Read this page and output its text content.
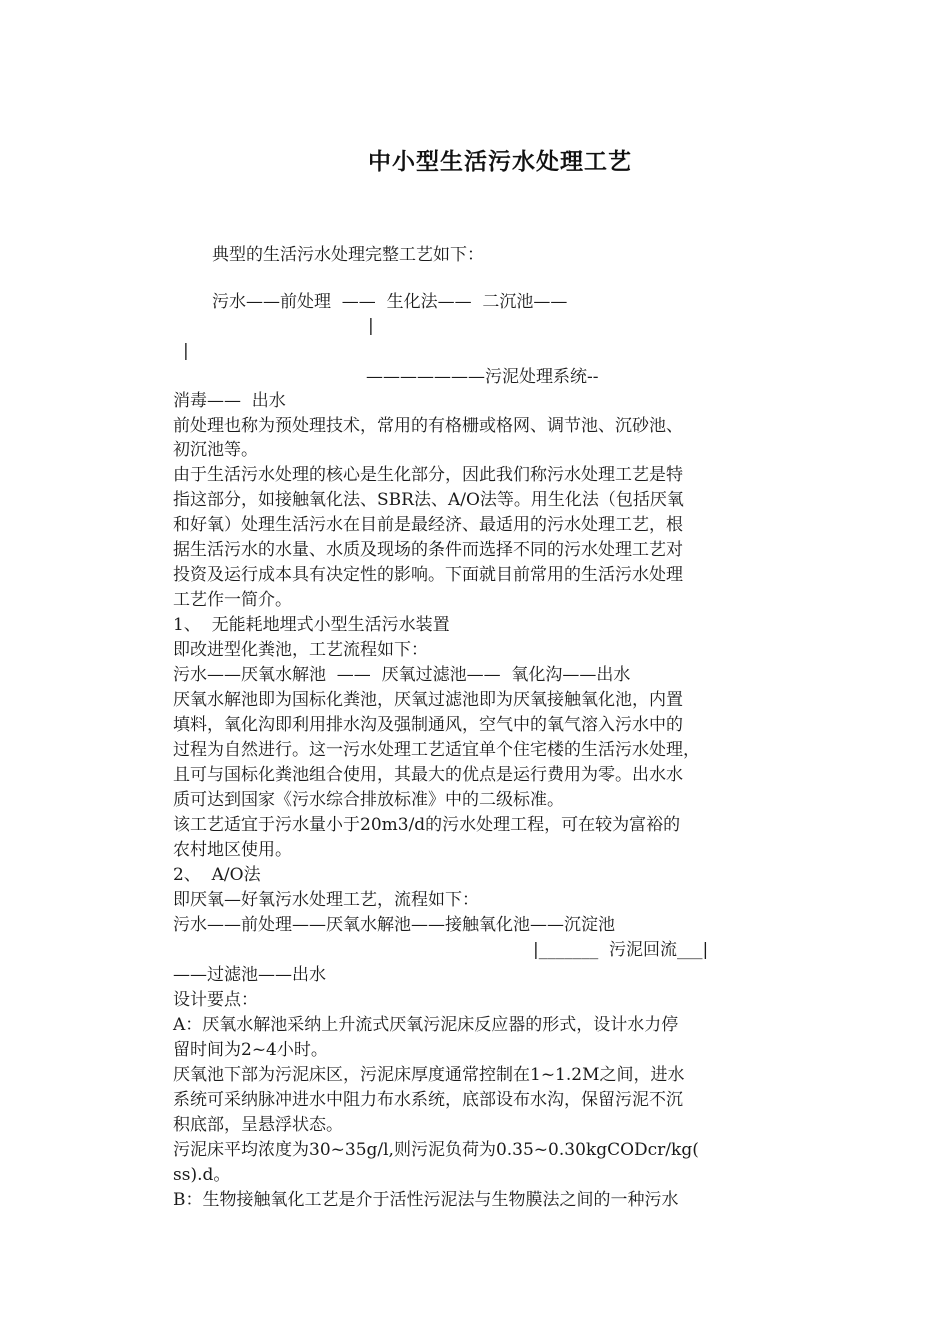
中小型生活污水处理工艺
典型的生活污水处理完整工艺如下：
污水——前处理  ——  生化法——  二沉池——
|
|
———————污泥处理系统--
消毒——  出水
前处理也称为预处理技术，常用的有格栅或格网、调节池、沉砂池、
初沉池等。
由于生活污水处理的核心是生化部分，因此我们称污水处理工艺是特
指这部分，如接触氧化法、SBR法、A/O法等。用生化法（包括厌氧
和好氧）处理生活污水在目前是最经济、最适用的污水处理工艺，根
据生活污水的水量、水质及现场的条件而选择不同的污水处理工艺对
投资及运行成本具有决定性的影响。下面就目前常用的生活污水处理
工艺作一简介。
1、  无能耗地埋式小型生活污水装置
即改进型化粪池，工艺流程如下：
污水——厌氧水解池  ——  厌氧过滤池——  氧化沟——出水
厌氧水解池即为国标化粪池，厌氧过滤池即为厌氧接触氧化池，内置
填料，氧化沟即利用排水沟及强制通风，空气中的氧气溶入污水中的
过程为自然进行。这一污水处理工艺适宜单个住宅楼的生活污水处理，
且可与国标化粪池组合使用，其最大的优点是运行费用为零。出水水
质可达到国家《污水综合排放标准》中的二级标准。
该工艺适宜于污水量小于20m3/d的污水处理工程，可在较为富裕的
农村地区使用。
2、  A/O法
即厌氧—好氧污水处理工艺，流程如下：
污水——前处理——厌氧水解池——接触氧化池——沉淀池
|_______  污泥回流___|
——过滤池——出水
设计要点：
A：厌氧水解池采纳上升流式厌氧污泥床反应器的形式，设计水力停
留时间为2~4小时。
厌氧池下部为污泥床区，污泥床厚度通常控制在1~1.2M之间，进水
系统可采纳脉冲进水中阻力布水系统，底部设布水沟，保留污泥不沉
积底部，呈悬浮状态。
污泥床平均浓度为30~35g/l,则污泥负荷为0.35~0.30kgCODcr/kg(
ss).d。
B：生物接触氧化工艺是介于活性污泥法与生物膜法之间的一种污水
